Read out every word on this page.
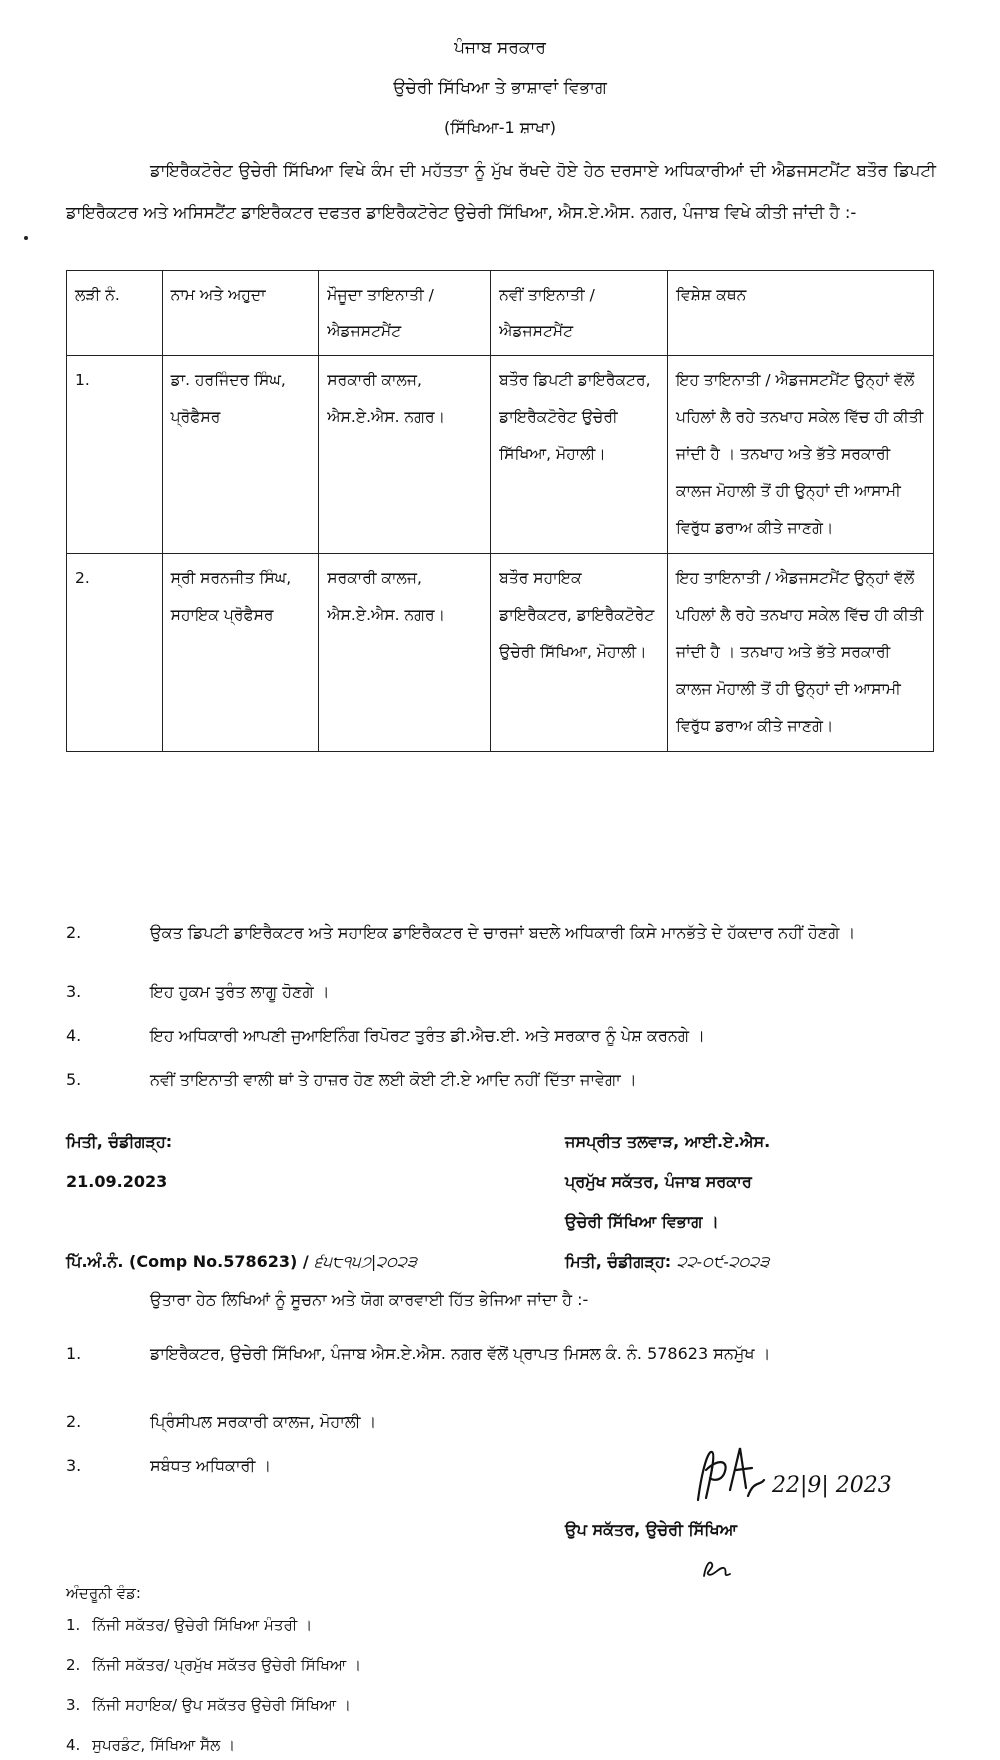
ਪੰਜਾਬ ਸਰਕਾਰ
ਉਚੇਰੀ ਸਿੱਖਿਆ ਤੇ ਭਾਸ਼ਾਵਾਂ ਵਿਭਾਗ
(ਸਿੱਖਿਆ-1 ਸ਼ਾਖਾ)
ਡਾਇਰੈਕਟੋਰੇਟ ਉਚੇਰੀ ਸਿੱਖਿਆ ਵਿਖੇ ਕੰਮ ਦੀ ਮਹੱਤਤਾ ਨੂੰ ਮੁੱਖ ਰੱਖਦੇ ਹੋਏ ਹੇਠ ਦਰਸਾਏ ਅਧਿਕਾਰੀਆਂ ਦੀ ਐਡਜਸਟਮੈਂਟ ਬਤੌਰ ਡਿਪਟੀ ਡਾਇਰੈਕਟਰ ਅਤੇ ਅਸਿਸਟੈਂਟ ਡਾਇਰੈਕਟਰ ਦਫਤਰ ਡਾਇਰੈਕਟੋਰੇਟ ਉਚੇਰੀ ਸਿੱਖਿਆ, ਐਸ.ਏ.ਐਸ. ਨਗਰ, ਪੰਜਾਬ ਵਿਖੇ ਕੀਤੀ ਜਾਂਦੀ ਹੈ :-
ਲੜੀ ਨੰ.	ਨਾਮ ਅਤੇ ਅਹੁਦਾ	ਮੌਜੂਦਾ ਤਾਇਨਾਤੀ / ਐਡਜਸਟਮੈਂਟ	ਨਵੀਂ ਤਾਇਨਾਤੀ / ਐਡਜਸਟਮੈਂਟ	ਵਿਸ਼ੇਸ਼ ਕਥਨ
1.	ਡਾ. ਹਰਜਿੰਦਰ ਸਿੰਘ, ਪ੍ਰੋਫੈਸਰ	ਸਰਕਾਰੀ ਕਾਲਜ, ਐਸ.ਏ.ਐਸ. ਨਗਰ।	ਬਤੌਰ ਡਿਪਟੀ ਡਾਇਰੈਕਟਰ, ਡਾਇਰੈਕਟੋਰੇਟ ਉਚੇਰੀ ਸਿੱਖਿਆ, ਮੋਹਾਲੀ।	ਇਹ ਤਾਇਨਾਤੀ / ਐਡਜਸਟਮੈਂਟ ਉਨ੍ਹਾਂ ਵੱਲੋਂ ਪਹਿਲਾਂ ਲੈ ਰਹੇ ਤਨਖਾਹ ਸਕੇਲ ਵਿੱਚ ਹੀ ਕੀਤੀ ਜਾਂਦੀ ਹੈ । ਤਨਖਾਹ ਅਤੇ ਭੱਤੇ ਸਰਕਾਰੀ ਕਾਲਜ ਮੋਹਾਲੀ ਤੋਂ ਹੀ ਉਨ੍ਹਾਂ ਦੀ ਆਸਾਮੀ ਵਿਰੁੱਧ ਡਰਾਅ ਕੀਤੇ ਜਾਣਗੇ।
2.	ਸ੍ਰੀ ਸਰਨਜੀਤ ਸਿੰਘ, ਸਹਾਇਕ ਪ੍ਰੋਫੈਸਰ	ਸਰਕਾਰੀ ਕਾਲਜ, ਐਸ.ਏ.ਐਸ. ਨਗਰ।	ਬਤੌਰ ਸਹਾਇਕ ਡਾਇਰੈਕਟਰ, ਡਾਇਰੈਕਟੋਰੇਟ ਉਚੇਰੀ ਸਿੱਖਿਆ, ਮੋਹਾਲੀ।	ਇਹ ਤਾਇਨਾਤੀ / ਐਡਜਸਟਮੈਂਟ ਉਨ੍ਹਾਂ ਵੱਲੋਂ ਪਹਿਲਾਂ ਲੈ ਰਹੇ ਤਨਖਾਹ ਸਕੇਲ ਵਿੱਚ ਹੀ ਕੀਤੀ ਜਾਂਦੀ ਹੈ । ਤਨਖਾਹ ਅਤੇ ਭੱਤੇ ਸਰਕਾਰੀ ਕਾਲਜ ਮੋਹਾਲੀ ਤੋਂ ਹੀ ਉਨ੍ਹਾਂ ਦੀ ਆਸਾਮੀ ਵਿਰੁੱਧ ਡਰਾਅ ਕੀਤੇ ਜਾਣਗੇ।
2.	ਉਕਤ ਡਿਪਟੀ ਡਾਇਰੈਕਟਰ ਅਤੇ ਸਹਾਇਕ ਡਾਇਰੈਕਟਰ ਦੇ ਚਾਰਜਾਂ ਬਦਲੇ ਅਧਿਕਾਰੀ ਕਿਸੇ ਮਾਨਭੱਤੇ ਦੇ ਹੱਕਦਾਰ ਨਹੀਂ ਹੋਣਗੇ ।
3.	ਇਹ ਹੁਕਮ ਤੁਰੰਤ ਲਾਗੂ ਹੋਣਗੇ ।
4.	ਇਹ ਅਧਿਕਾਰੀ ਆਪਣੀ ਜੁਆਇਨਿੰਗ ਰਿਪੋਰਟ ਤੁਰੰਤ ਡੀ.ਐਚ.ਈ. ਅਤੇ ਸਰਕਾਰ ਨੂੰ ਪੇਸ਼ ਕਰਨਗੇ ।
5.	ਨਵੀਂ ਤਾਇਨਾਤੀ ਵਾਲੀ ਥਾਂ ਤੇ ਹਾਜ਼ਰ ਹੋਣ ਲਈ ਕੋਈ ਟੀ.ਏ ਆਦਿ ਨਹੀਂ ਦਿੱਤਾ ਜਾਵੇਗਾ ।
ਮਿਤੀ, ਚੰਡੀਗੜ੍ਹ:
21.09.2023
ਜਸਪ੍ਰੀਤ ਤਲਵਾੜ, ਆਈ.ਏ.ਐਸ.
ਪ੍ਰਮੁੱਖ ਸਕੱਤਰ, ਪੰਜਾਬ ਸਰਕਾਰ
ਉਚੇਰੀ ਸਿੱਖਿਆ ਵਿਭਾਗ ।
ਪਿੱ.ਅੰ.ਨੰ. (Comp No.578623) / ੬੫੮੧੫੭|੨੦੨੩	ਮਿਤੀ, ਚੰਡੀਗੜ੍ਹ: ੨੨-੦੯-੨੦੨੩
ਉਤਾਰਾ ਹੇਠ ਲਿਖਿਆਂ ਨੂੰ ਸੂਚਨਾ ਅਤੇ ਯੋਗ ਕਾਰਵਾਈ ਹਿੱਤ ਭੇਜਿਆ ਜਾਂਦਾ ਹੈ :-
1.	ਡਾਇਰੈਕਟਰ, ਉਚੇਰੀ ਸਿੱਖਿਆ, ਪੰਜਾਬ ਐਸ.ਏ.ਐਸ. ਨਗਰ ਵੱਲੋਂ ਪ੍ਰਾਪਤ ਮਿਸਲ ਕੰ. ਨੰ. 578623 ਸਨਮੁੱਖ ।
2.	ਪ੍ਰਿੰਸੀਪਲ ਸਰਕਾਰੀ ਕਾਲਜ, ਮੋਹਾਲੀ ।
3.	ਸਬੰਧਤ ਅਧਿਕਾਰੀ ।
22|9| 2023
ਉਪ ਸਕੱਤਰ, ਉਚੇਰੀ ਸਿੱਖਿਆ
ਅੰਦਰੂਨੀ ਵੰਡ:
1. ਨਿੱਜੀ ਸਕੱਤਰ/ ਉਚੇਰੀ ਸਿੱਖਿਆ ਮੰਤਰੀ ।
2. ਨਿੱਜੀ ਸਕੱਤਰ/ ਪ੍ਰਮੁੱਖ ਸਕੱਤਰ ਉਚੇਰੀ ਸਿੱਖਿਆ ।
3. ਨਿੱਜੀ ਸਹਾਇਕ/ ਉਪ ਸਕੱਤਰ ਉਚੇਰੀ ਸਿੱਖਿਆ ।
4. ਸੁਪਰਡੰਟ, ਸਿੱਖਿਆ ਸੈੱਲ ।
